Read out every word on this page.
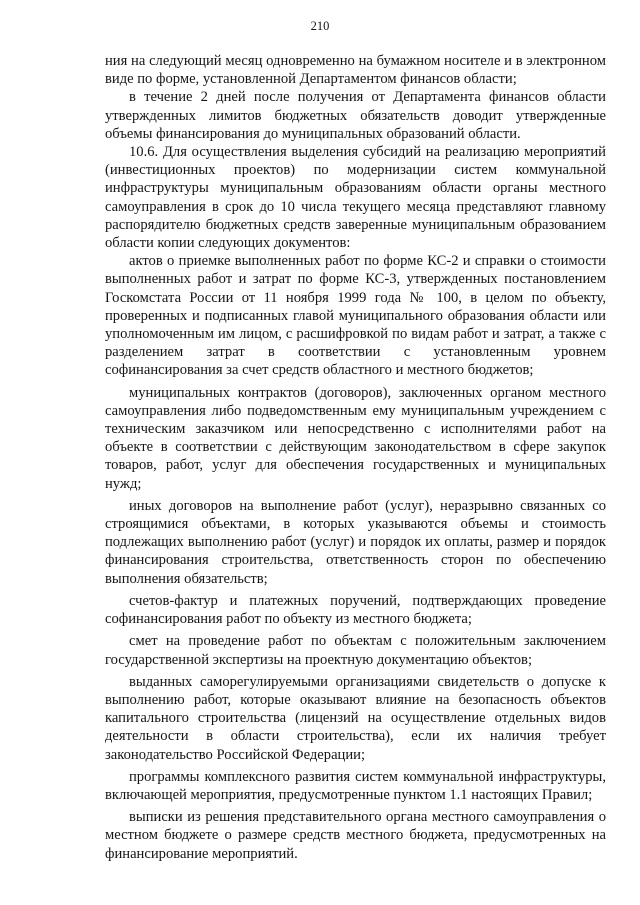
210

ния на следующий месяц одновременно на бумажном носителе и в электронном виде по форме, установленной Департаментом финансов области;

в течение 2 дней после получения от Департамента финансов области утвержденных лимитов бюджетных обязательств доводит утвержденные объемы финансирования до муниципальных образований области.

10.6. Для осуществления выделения субсидий на реализацию мероприятий (инвестиционных проектов) по модернизации систем коммунальной инфраструктуры муниципальным образованиям области органы местного самоуправления в срок до 10 числа текущего месяца представляют главному распорядителю бюджетных средств заверенные муниципальным образованием области копии следующих документов:

актов о приемке выполненных работ по форме КС-2 и справки о стоимости выполненных работ и затрат по форме КС-3, утвержденных постановлением Госкомстата России от 11 ноября 1999 года № 100, в целом по объекту, проверенных и подписанных главой муниципального образования области или уполномоченным им лицом, с расшифровкой по видам работ и затрат, а также с разделением затрат в соответствии с установленным уровнем софинансирования за счет средств областного и местного бюджетов;

муниципальных контрактов (договоров), заключенных органом местного самоуправления либо подведомственным ему муниципальным учреждением с техническим заказчиком или непосредственно с исполнителями работ на объекте в соответствии с действующим законодательством в сфере закупок товаров, работ, услуг для обеспечения государственных и муниципальных нужд;

иных договоров на выполнение работ (услуг), неразрывно связанных со строящимися объектами, в которых указываются объемы и стоимость подлежащих выполнению работ (услуг) и порядок их оплаты, размер и порядок финансирования строительства, ответственность сторон по обеспечению выполнения обязательств;

счетов-фактур и платежных поручений, подтверждающих проведение софинансирования работ по объекту из местного бюджета;

смет на проведение работ по объектам с положительным заключением государственной экспертизы на проектную документацию объектов;

выданных саморегулируемыми организациями свидетельств о допуске к выполнению работ, которые оказывают влияние на безопасность объектов капитального строительства (лицензий на осуществление отдельных видов деятельности в области строительства), если их наличия требует законодательство Российской Федерации;

программы комплексного развития систем коммунальной инфраструктуры, включающей мероприятия, предусмотренные пунктом 1.1 настоящих Правил;

выписки из решения представительного органа местного самоуправления о местном бюджете о размере средств местного бюджета, предусмотренных на финансирование мероприятий.
